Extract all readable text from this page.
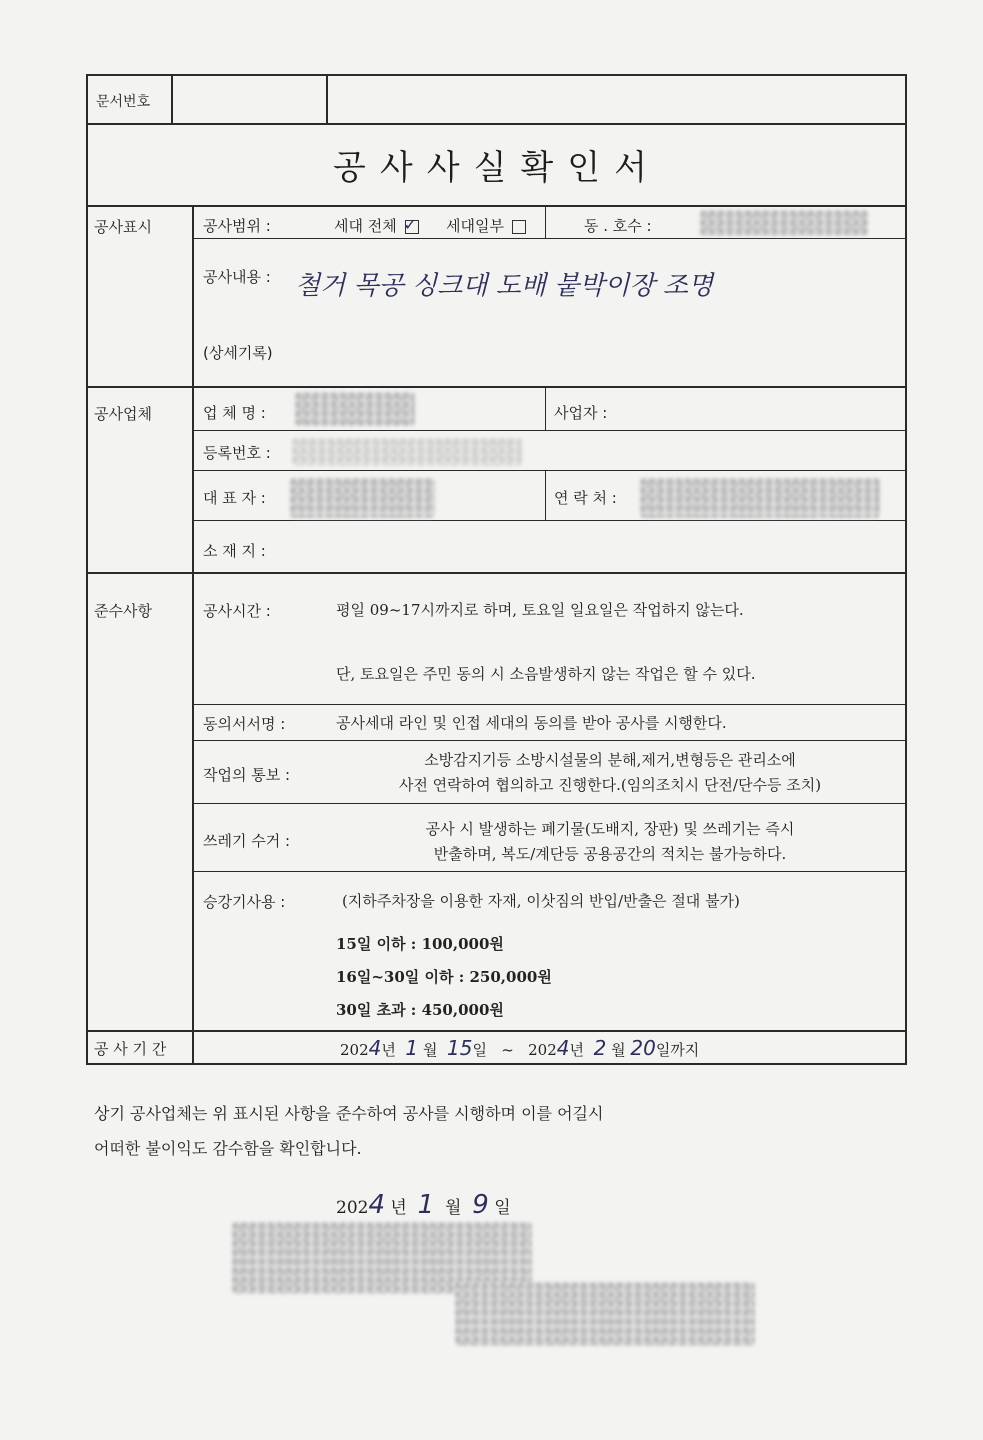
문서번호
공사사실확인서
공사표시	공사범위 :	세대 전체 ✓ 세대일부	동 . 호수 :
공사내용 : 철거 목공 싱크대 도배 붙박이장 조명
(상세기록)
공사업체	업 체 명 :	사업자 :
등록번호 :
대 표 자 :	연 락 처 :
소 재 지 :
준수사항	공사시간 :	평일 09~17시까지로 하며, 토요일 일요일은 작업하지 않는다.
단, 토요일은 주민 동의 시 소음발생하지 않는 작업은 할 수 있다.
동의서서명 :	공사세대 라인 및 인접 세대의 동의를 받아 공사를 시행한다.
작업의 통보 :
소방감지기등 소방시설물의 분해,제거,변형등은 관리소에
사전 연락하여 협의하고 진행한다.(임의조치시 단전/단수등 조치)
쓰레기 수거 :
공사 시 발생하는 폐기물(도배지, 장판) 및 쓰레기는 즉시
반출하며, 복도/계단등 공용공간의 적치는 불가능하다.
승강기사용 :	(지하주차장을 이용한 자재, 이삿짐의 반입/반출은 절대 불가)
15일 이하 : 100,000원
16일~30일 이하 : 250,000원
30일 초과 : 450,000원
공 사 기 간	2024년 1 월 15일 ~ 2024년 2 월 20일까지
상기 공사업체는 위 표시된 사항을 준수하여 공사를 시행하며 이를 어길시
어떠한 불이익도 감수함을 확인합니다.
2024 년 1 월 9 일
